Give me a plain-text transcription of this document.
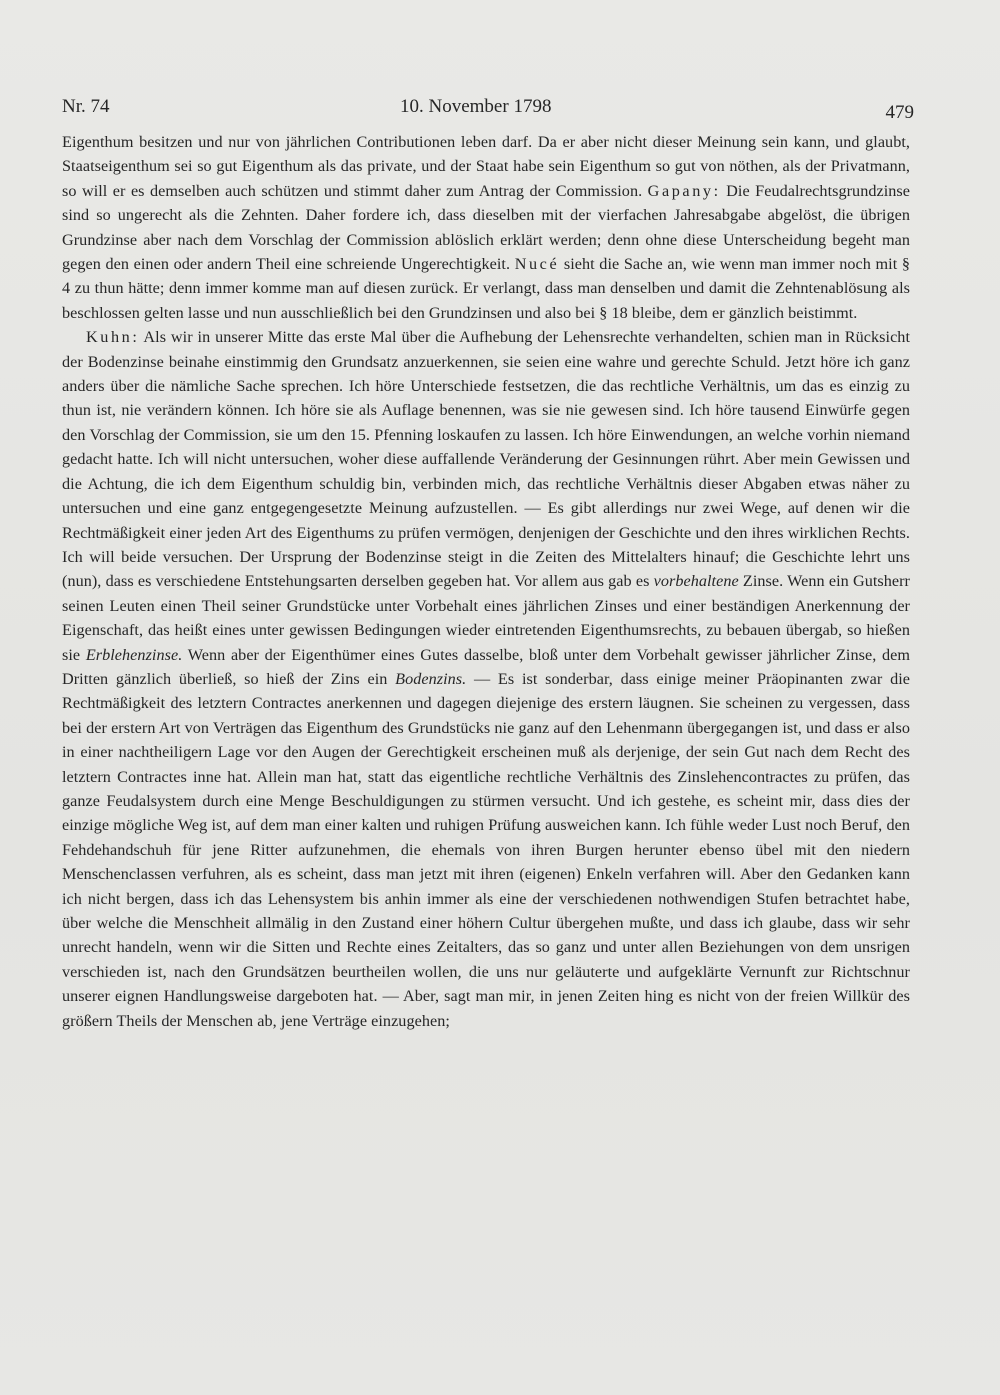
Nr. 74	10. November 1798	479

Eigenthum besitzen und nur von jährlichen Contributionen leben darf. Da er aber nicht dieser Meinung sein kann, und glaubt, Staatseigenthum sei so gut Eigenthum als das private, und der Staat habe sein Eigenthum so gut von nöthen, als der Privatmann, so will er es demselben auch schützen und stimmt daher zum Antrag der Commission. Gapany: Die Feudalrechtsgrundzinse sind so ungerecht als die Zehnten. Daher fordere ich, dass dieselben mit der vierfachen Jahresabgabe abgelöst, die übrigen Grundzinse aber nach dem Vorschlag der Commission ablöslich erklärt werden; denn ohne diese Unterscheidung begeht man gegen den einen oder andern Theil eine schreiende Ungerechtigkeit. Nucé sieht die Sache an, wie wenn man immer noch mit § 4 zu thun hätte; denn immer komme man auf diesen zurück. Er verlangt, dass man denselben und damit die Zehntenablösung als beschlossen gelten lasse und nun ausschließlich bei den Grundzinsen und also bei § 18 bleibe, dem er gänzlich beistimmt.

Kuhn: Als wir in unserer Mitte das erste Mal über die Aufhebung der Lehensrechte verhandelten, schien man in Rücksicht der Bodenzinse beinahe einstimmig den Grundsatz anzuerkennen, sie seien eine wahre und gerechte Schuld. Jetzt höre ich ganz anders über die nämliche Sache sprechen. Ich höre Unterschiede festsetzen, die das rechtliche Verhältnis, um das es einzig zu thun ist, nie verändern können. Ich höre sie als Auflage benennen, was sie nie gewesen sind. Ich höre tausend Einwürfe gegen den Vorschlag der Commission, sie um den 15. Pfenning loskaufen zu lassen. Ich höre Einwendungen, an welche vorhin niemand gedacht hatte. Ich will nicht untersuchen, woher diese auffallende Veränderung der Gesinnungen rührt. Aber mein Gewissen und die Achtung, die ich dem Eigenthum schuldig bin, verbinden mich, das rechtliche Verhältnis dieser Abgaben etwas näher zu untersuchen und eine ganz entgegengesetzte Meinung aufzustellen. — Es gibt allerdings nur zwei Wege, auf denen wir die Rechtmäßigkeit einer jeden Art des Eigenthums zu prüfen vermögen, denjenigen der Geschichte und den ihres wirklichen Rechts. Ich will beide versuchen. Der Ursprung der Bodenzinse steigt in die Zeiten des Mittelalters hinauf; die Geschichte lehrt uns (nun), dass es verschiedene Entstehungsarten derselben gegeben hat. Vor allem aus gab es vorbehaltene Zinse. Wenn ein Gutsherr seinen Leuten einen Theil seiner Grundstücke unter Vorbehalt eines jährlichen Zinses und einer beständigen Anerkennung der Eigenschaft, das heißt eines unter gewissen Bedingungen wieder eintretenden Eigenthumsrechts, zu bebauen übergab, so hießen sie Erblehenzinse. Wenn aber der Eigenthümer eines Gutes dasselbe, bloß unter dem Vorbehalt gewisser jährlicher Zinse, dem Dritten gänzlich überließ, so hieß der Zins ein Bodenzins. — Es ist sonderbar, dass einige meiner Präopinanten zwar die Rechtmäßigkeit des letztern Contractes anerkennen und dagegen diejenige des erstern läugnen. Sie scheinen zu vergessen, dass bei der erstern Art von Verträgen das Eigenthum des Grundstücks nie ganz auf den Lehenmann übergegangen ist, und dass er also in einer nachtheiligern Lage vor den Augen der Gerechtigkeit erscheinen muß als derjenige, der sein Gut nach dem Recht des letztern Contractes inne hat. Allein man hat, statt das eigentliche rechtliche Verhältnis des Zinslehencontractes zu prüfen, das ganze Feudalsystem durch eine Menge Beschuldigungen zu stürmen versucht. Und ich gestehe, es scheint mir, dass dies der einzige mögliche Weg ist, auf dem man einer kalten und ruhigen Prüfung ausweichen kann. Ich fühle weder Lust noch Beruf, den Fehdehandschuh für jene Ritter aufzunehmen, die ehemals von ihren Burgen herunter ebenso übel mit den niedern Menschenclassen verfuhren, als es scheint, dass man jetzt mit ihren (eigenen) Enkeln verfahren will. Aber den Gedanken kann ich nicht bergen, dass ich das Lehensystem bis anhin immer als eine der verschiedenen nothwendigen Stufen betrachtet habe, über welche die Menschheit allmälig in den Zustand einer höhern Cultur übergehen mußte, und dass ich glaube, dass wir sehr unrecht handeln, wenn wir die Sitten und Rechte eines Zeitalters, das so ganz und unter allen Beziehungen von dem unsrigen verschieden ist, nach den Grundsätzen beurtheilen wollen, die uns nur geläuterte und aufgeklärte Vernunft zur Richtschnur unserer eignen Handlungsweise dargeboten hat. — Aber, sagt man mir, in jenen Zeiten hing es nicht von der freien Willkür des größern Theils der Menschen ab, jene Verträge einzugehen;
